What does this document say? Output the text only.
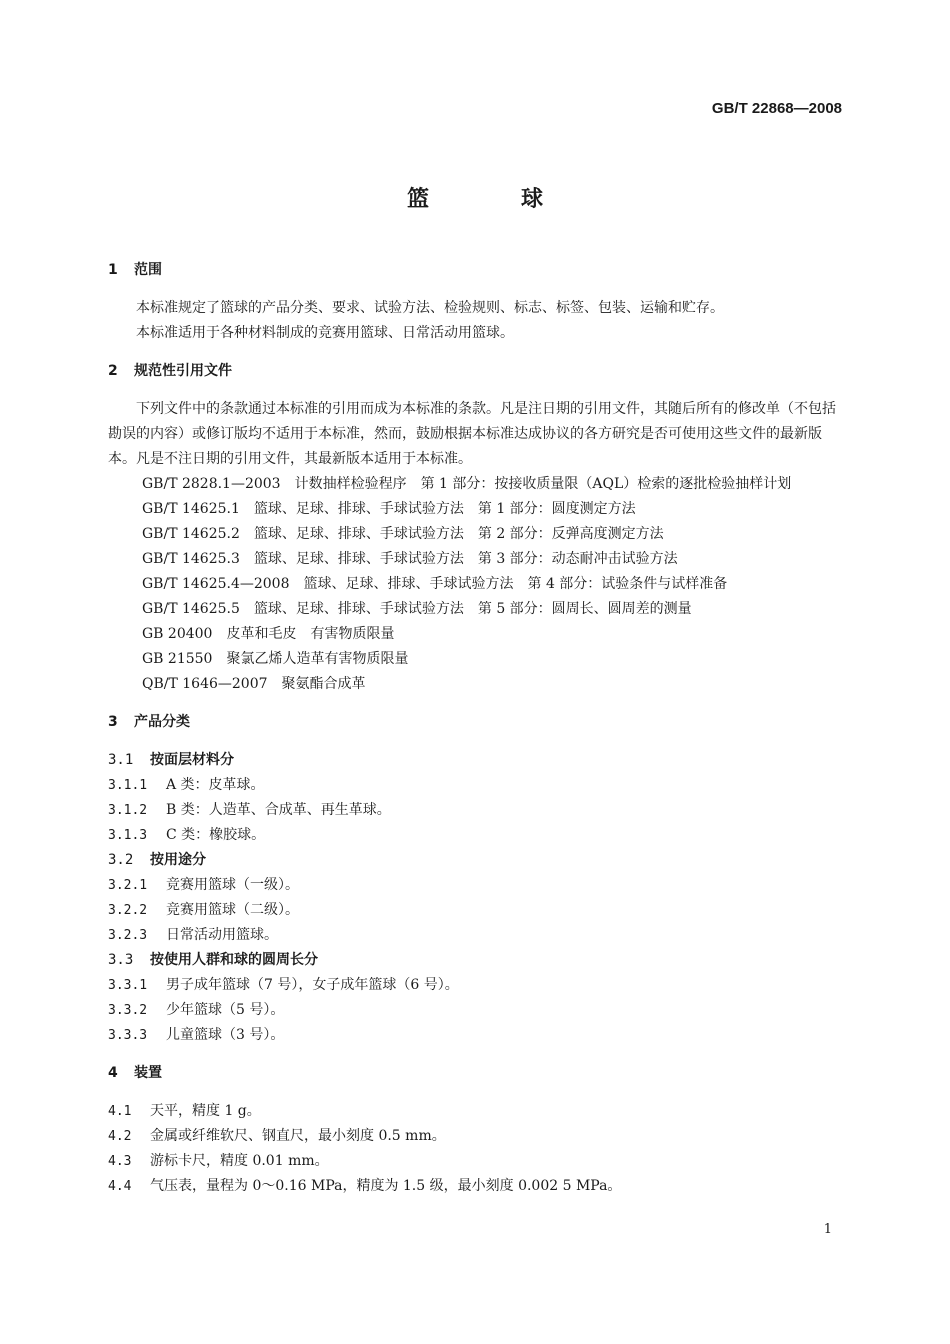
GB/T 22868—2008
篮	球
1 范围

本标准规定了篮球的产品分类、要求、试验方法、检验规则、标志、标签、包装、运输和贮存。

本标准适用于各种材料制成的竞赛用篮球、日常活动用篮球。

2 规范性引用文件

下列文件中的条款通过本标准的引用而成为本标准的条款。凡是注日期的引用文件，其随后所有的修改单（不包括勘误的内容）或修订版均不适用于本标准，然而，鼓励根据本标准达成协议的各方研究是否可使用这些文件的最新版本。凡是不注日期的引用文件，其最新版本适用于本标准。

GB/T 2828.1—2003 计数抽样检验程序　第 1 部分：按接收质量限（AQL）检索的逐批检验抽样计划

GB/T 14625.1 篮球、足球、排球、手球试验方法　第 1 部分：圆度测定方法

GB/T 14625.2 篮球、足球、排球、手球试验方法　第 2 部分：反弹高度测定方法

GB/T 14625.3 篮球、足球、排球、手球试验方法　第 3 部分：动态耐冲击试验方法

GB/T 14625.4—2008 篮球、足球、排球、手球试验方法　第 4 部分：试验条件与试样准备

GB/T 14625.5 篮球、足球、排球、手球试验方法　第 5 部分：圆周长、圆周差的测量

GB 20400 皮革和毛皮　有害物质限量

GB 21550 聚氯乙烯人造革有害物质限量

QB/T 1646—2007 聚氨酯合成革

3 产品分类

3.1 按面层材料分

3.1.1 A 类：皮革球。

3.1.2 B 类：人造革、合成革、再生革球。

3.1.3 C 类：橡胶球。

3.2 按用途分

3.2.1 竞赛用篮球（一级）。

3.2.2 竞赛用篮球（二级）。

3.2.3 日常活动用篮球。

3.3 按使用人群和球的圆周长分

3.3.1 男子成年篮球（7 号），女子成年篮球（6 号）。

3.3.2 少年篮球（5 号）。

3.3.3 儿童篮球（3 号）。

4 装置

4.1 天平，精度 1 g。

4.2 金属或纤维软尺、钢直尺，最小刻度 0.5 mm。

4.3 游标卡尺，精度 0.01 mm。

4.4 气压表，量程为 0～0.16 MPa，精度为 1.5 级，最小刻度 0.002 5 MPa。

1
